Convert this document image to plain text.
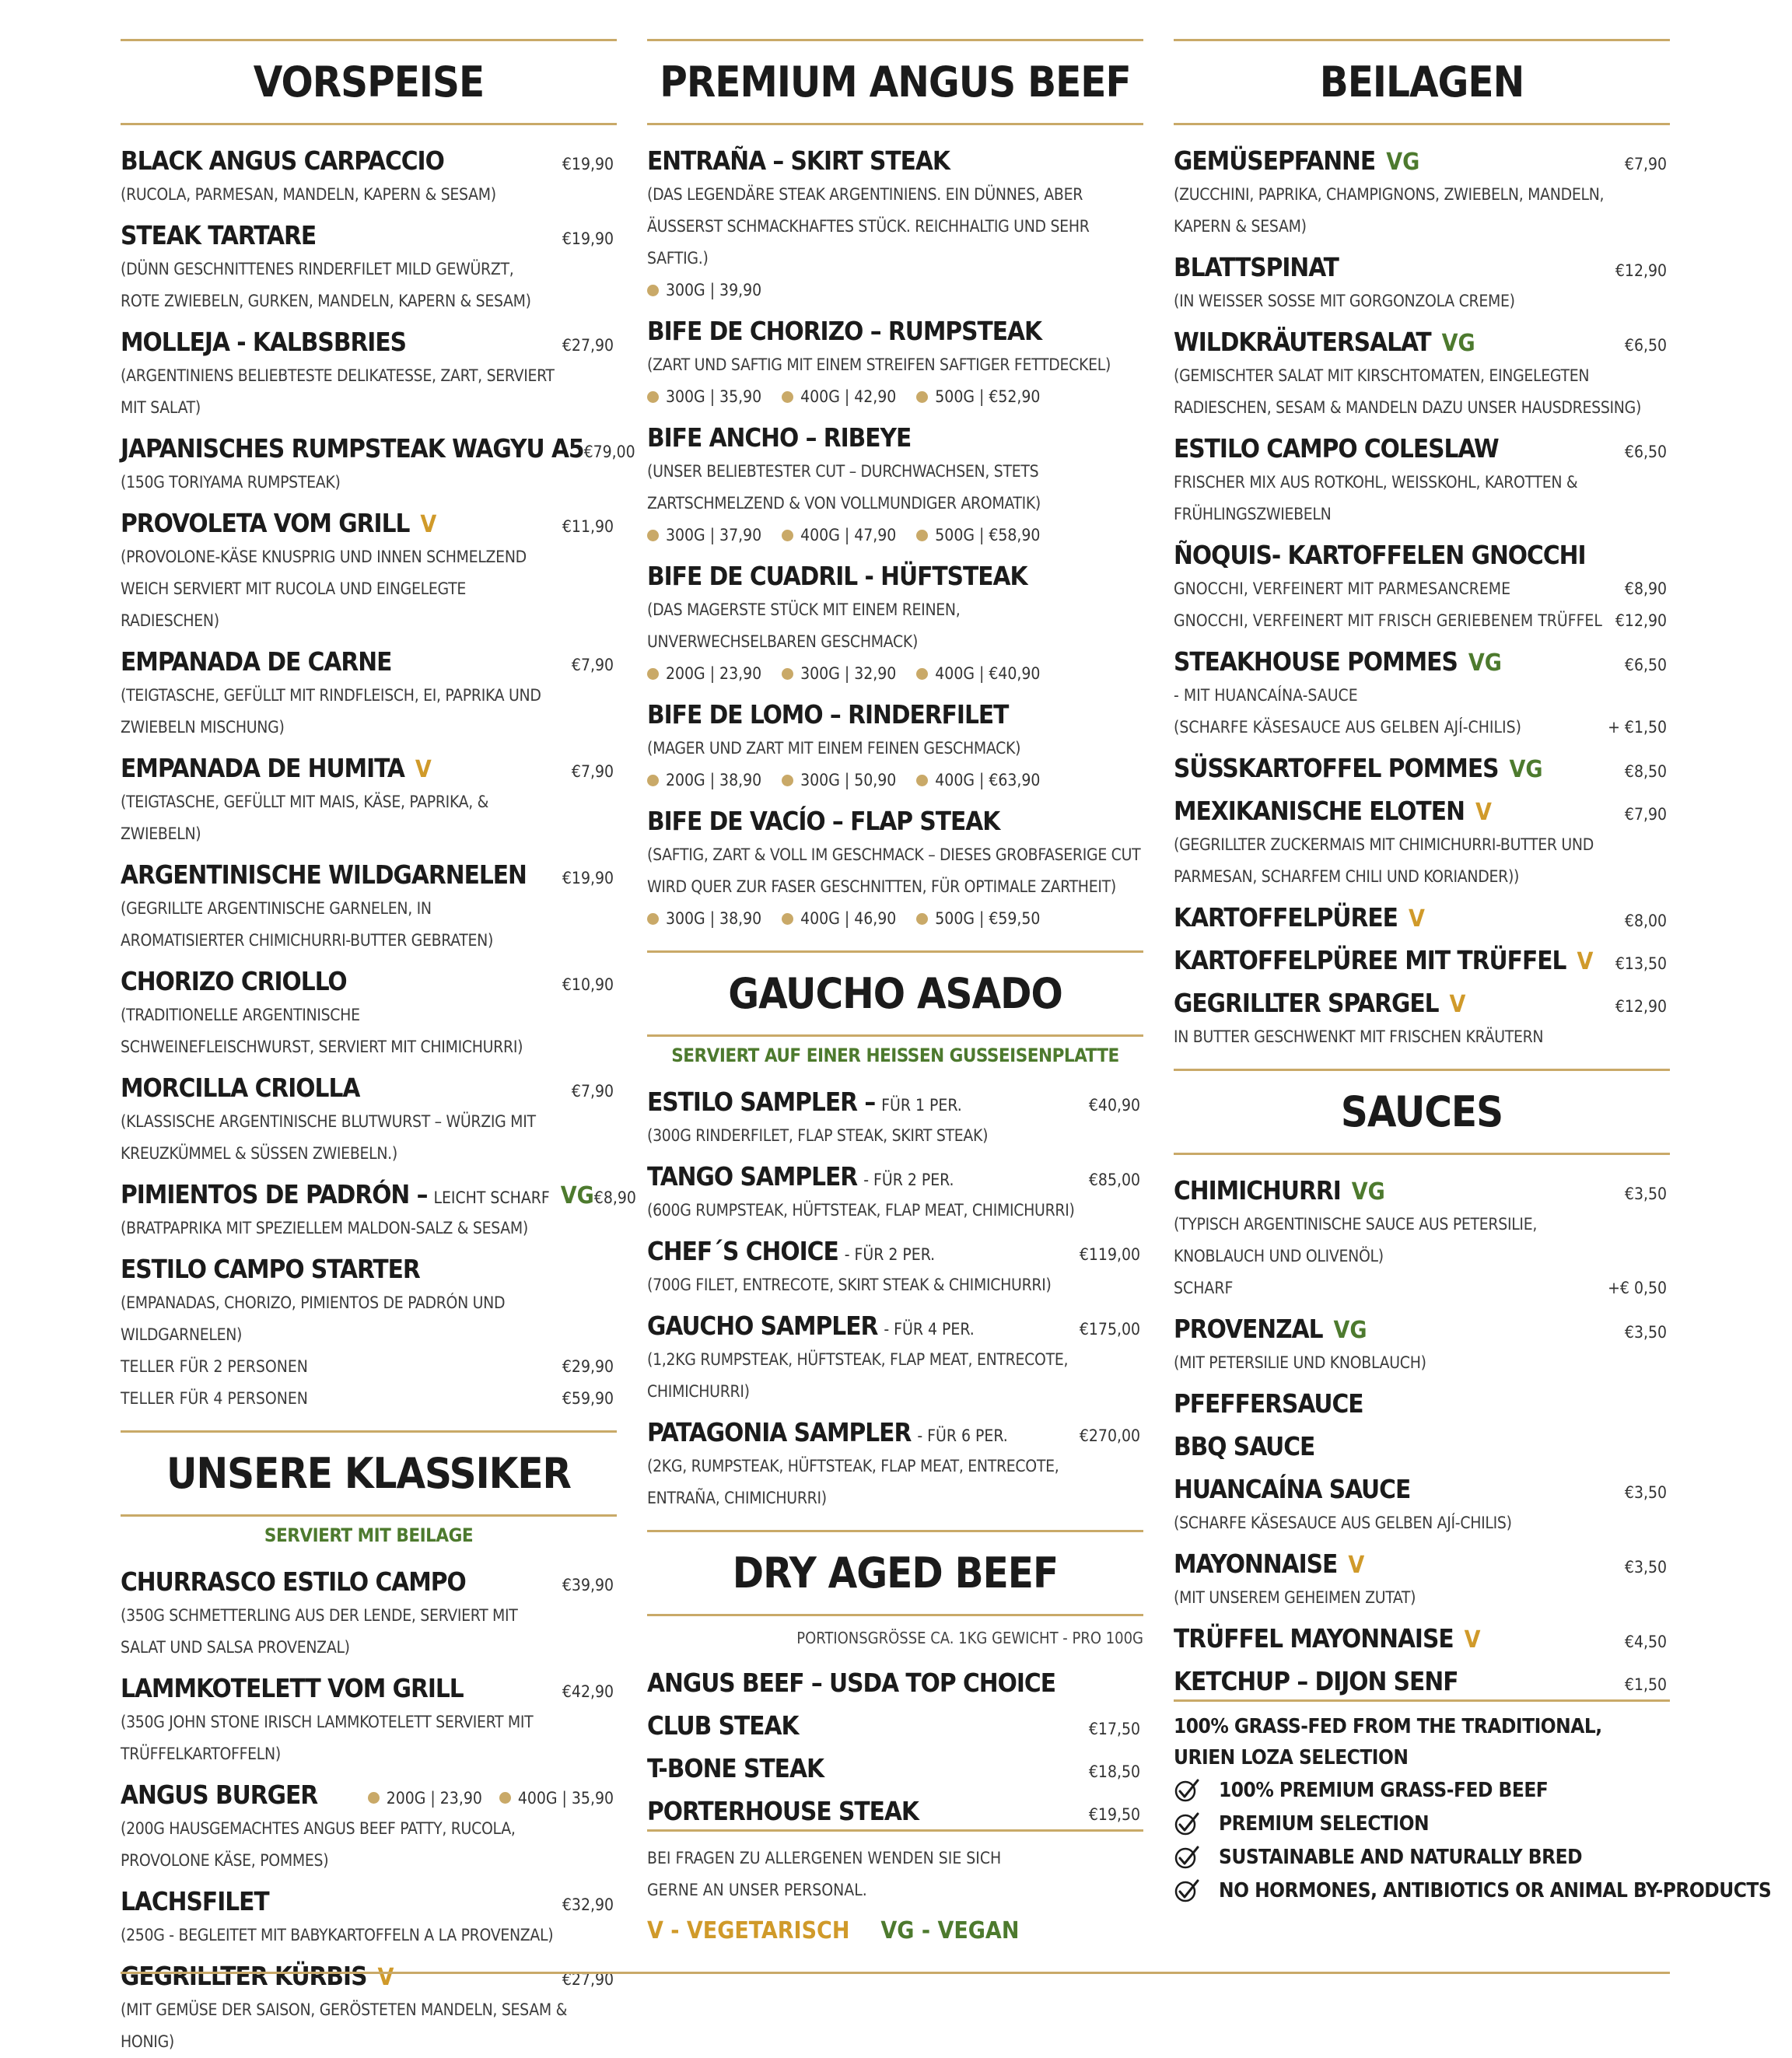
VORSPEISE
BLACK ANGUS CARPACCIO	€19,90
(RUCOLA, PARMESAN, MANDELN, KAPERN & SESAM)
STEAK TARTARE	€19,90
(DÜNN GESCHNITTENES RINDERFILET MILD GEWÜRZT, ROTE ZWIEBELN, GURKEN, MANDELN, KAPERN & SESAM)
MOLLEJA - KALBSBRIES	€27,90
(ARGENTINIENS BELIEBTESTE DELIKATESSE, ZART, SERVIERT MIT SALAT)
JAPANISCHES RUMPSTEAK WAGYU A5 €79,00
(150G TORIYAMA RUMPSTEAK)
PROVOLETA VOM GRILL V	€11,90
(PROVOLONE-KÄSE KNUSPRIG UND INNEN SCHMELZEND WEICH SERVIERT MIT RUCOLA UND EINGELEGTE RADIESCHEN)
EMPANADA DE CARNE	€7,90
(TEIGTASCHE, GEFÜLLT MIT RINDFLEISCH, EI, PAPRIKA UND ZWIEBELN MISCHUNG)
EMPANADA DE HUMITA V	€7,90
(TEIGTASCHE, GEFÜLLT MIT MAIS, KÄSE, PAPRIKA, & ZWIEBELN)
ARGENTINISCHE WILDGARNELEN €19,90
(GEGRILLTE ARGENTINISCHE GARNELEN, IN AROMATISIERTER CHIMICHURRI-BUTTER GEBRATEN)
CHORIZO CRIOLLO	€10,90
(TRADITIONELLE ARGENTINISCHE SCHWEINEFLEISCHWURST, SERVIERT MIT CHIMICHURRI)
MORCILLA CRIOLLA	€7,90
(KLASSISCHE ARGENTINISCHE BLUTWURST – WÜRZIG MIT KREUZKÜMMEL & SÜSSEN ZWIEBELN.)
PIMIENTOS DE PADRÓN – LEICHT SCHARF VG €8,90
(BRATPAPRIKA MIT SPEZIELLEM MALDON-SALZ & SESAM)
ESTILO CAMPO STARTER
(EMPANADAS, CHORIZO, PIMIENTOS DE PADRÓN UND WILDGARNELEN)
TELLER FÜR 2 PERSONEN	€29,90
TELLER FÜR 4 PERSONEN	€59,90
UNSERE KLASSIKER
SERVIERT MIT BEILAGE
CHURRASCO ESTILO CAMPO	€39,90
(350G SCHMETTERLING AUS DER LENDE, SERVIERT MIT SALAT UND SALSA PROVENZAL)
LAMMKOTELETT VOM GRILL	€42,90
(350G JOHN STONE IRISCH LAMMKOTELETT SERVIERT MIT TRÜFFELKARTOFFELN)
ANGUS BURGER	200G | 23,90 400G | 35,90
(200G HAUSGEMACHTES ANGUS BEEF PATTY, RUCOLA, PROVOLONE KÄSE, POMMES)
LACHSFILET	€32,90
(250G - BEGLEITET MIT BABYKARTOFFELN A LA PROVENZAL)
GEGRILLTER KÜRBIS V	€27,90
(MIT GEMÜSE DER SAISON, GERÖSTETEN MANDELN, SESAM & HONIG)
PREMIUM ANGUS BEEF
ENTRAÑA – SKIRT STEAK
(DAS LEGENDÄRE STEAK ARGENTINIENS. EIN DÜNNES, ABER ÄUSSERST SCHMACKHAFTES STÜCK. REICHHALTIG UND SEHR SAFTIG.)
300G | 39,90
BIFE DE CHORIZO – RUMPSTEAK
(ZART UND SAFTIG MIT EINEM STREIFEN SAFTIGER FETTDECKEL)
300G | 35,90 400G | 42,90 500G | €52,90
BIFE ANCHO – RIBEYE
(UNSER BELIEBTESTER CUT – DURCHWACHSEN, STETS ZARTSCHMELZEND & VON VOLLMUNDIGER AROMATIK)
300G | 37,90 400G | 47,90 500G | €58,90
BIFE DE CUADRIL - HÜFTSTEAK
(DAS MAGERSTE STÜCK MIT EINEM REINEN, UNVERWECHSELBAREN GESCHMACK)
200G | 23,90 300G | 32,90 400G | €40,90
BIFE DE LOMO – RINDERFILET
(MAGER UND ZART MIT EINEM FEINEN GESCHMACK)
200G | 38,90 300G | 50,90 400G | €63,90
BIFE DE VACÍO – FLAP STEAK
(SAFTIG, ZART & VOLL IM GESCHMACK – DIESES GROBFASERIGE CUT WIRD QUER ZUR FASER GESCHNITTEN, FÜR OPTIMALE ZARTHEIT)
300G | 38,90 400G | 46,90 500G | €59,50
GAUCHO ASADO
SERVIERT AUF EINER HEISSEN GUSSEISENPLATTE
ESTILO SAMPLER – FÜR 1 PER.	€40,90
(300G RINDERFILET, FLAP STEAK, SKIRT STEAK)
TANGO SAMPLER - FÜR 2 PER.	€85,00
(600G RUMPSTEAK, HÜFTSTEAK, FLAP MEAT, CHIMICHURRI)
CHEF´S CHOICE - FÜR 2 PER.	€119,00
(700G FILET, ENTRECOTE, SKIRT STEAK & CHIMICHURRI)
GAUCHO SAMPLER - FÜR 4 PER.	€175,00
(1,2KG RUMPSTEAK, HÜFTSTEAK, FLAP MEAT, ENTRECOTE, CHIMICHURRI)
PATAGONIA SAMPLER - FÜR 6 PER.	€270,00
(2KG, RUMPSTEAK, HÜFTSTEAK, FLAP MEAT, ENTRECOTE, ENTRAÑA, CHIMICHURRI)
DRY AGED BEEF
PORTIONSGRÖSSE CA. 1KG GEWICHT - PRO 100G
ANGUS BEEF – USDA TOP CHOICE
CLUB STEAK	€17,50
T-BONE STEAK	€18,50
PORTERHOUSE STEAK	€19,50
BEI FRAGEN ZU ALLERGENEN WENDEN SIE SICH GERNE AN UNSER PERSONAL.
V - VEGETARISCH VG - VEGAN
BEILAGEN
GEMÜSEPFANNE VG	€7,90
(ZUCCHINI, PAPRIKA, CHAMPIGNONS, ZWIEBELN, MANDELN, KAPERN & SESAM)
BLATTSPINAT	€12,90
(IN WEISSER SOSSE MIT GORGONZOLA CREME)
WILDKRÄUTERSALAT VG	€6,50
(GEMISCHTER SALAT MIT KIRSCHTOMATEN, EINGELEGTEN RADIESCHEN, SESAM & MANDELN DAZU UNSER HAUSDRESSING)
ESTILO CAMPO COLESLAW	€6,50
FRISCHER MIX AUS ROTKOHL, WEISSKOHL, KAROTTEN & FRÜHLINGSZWIEBELN
ÑOQUIS- KARTOFFELEN GNOCCHI
GNOCCHI, VERFEINERT MIT PARMESANCREME	€8,90
GNOCCHI, VERFEINERT MIT FRISCH GERIEBENEM TRÜFFEL €12,90
STEAKHOUSE POMMES VG	€6,50
- MIT HUANCAÍNA-SAUCE
(SCHARFE KÄSESAUCE AUS GELBEN AJÍ-CHILIS)	+ €1,50
SÜSSKARTOFFEL POMMES VG	€8,50
MEXIKANISCHE ELOTEN V	€7,90
(GEGRILLTER ZUCKERMAIS MIT CHIMICHURRI-BUTTER UND PARMESAN, SCHARFEM CHILI UND KORIANDER))
KARTOFFELPÜREE V	€8,00
KARTOFFELPÜREE MIT TRÜFFEL V €13,50
GEGRILLTER SPARGEL V	€12,90
IN BUTTER GESCHWENKT MIT FRISCHEN KRÄUTERN
SAUCES
CHIMICHURRI VG	€3,50
(TYPISCH ARGENTINISCHE SAUCE AUS PETERSILIE, KNOBLAUCH UND OLIVENÖL)
SCHARF	+€ 0,50
PROVENZAL VG	€3,50
(MIT PETERSILIE UND KNOBLAUCH)
PFEFFERSAUCE
BBQ SAUCE
HUANCAÍNA SAUCE	€3,50
(SCHARFE KÄSESAUCE AUS GELBEN AJÍ-CHILIS)
MAYONNAISE V	€3,50
(MIT UNSEREM GEHEIMEN ZUTAT)
TRÜFFEL MAYONNAISE V	€4,50
KETCHUP – DIJON SENF	€1,50
100% GRASS-FED FROM THE TRADITIONAL,
URIEN LOZA SELECTION
100% PREMIUM GRASS-FED BEEF
PREMIUM SELECTION
SUSTAINABLE AND NATURALLY BRED
NO HORMONES, ANTIBIOTICS OR ANIMAL BY-PRODUCTS
